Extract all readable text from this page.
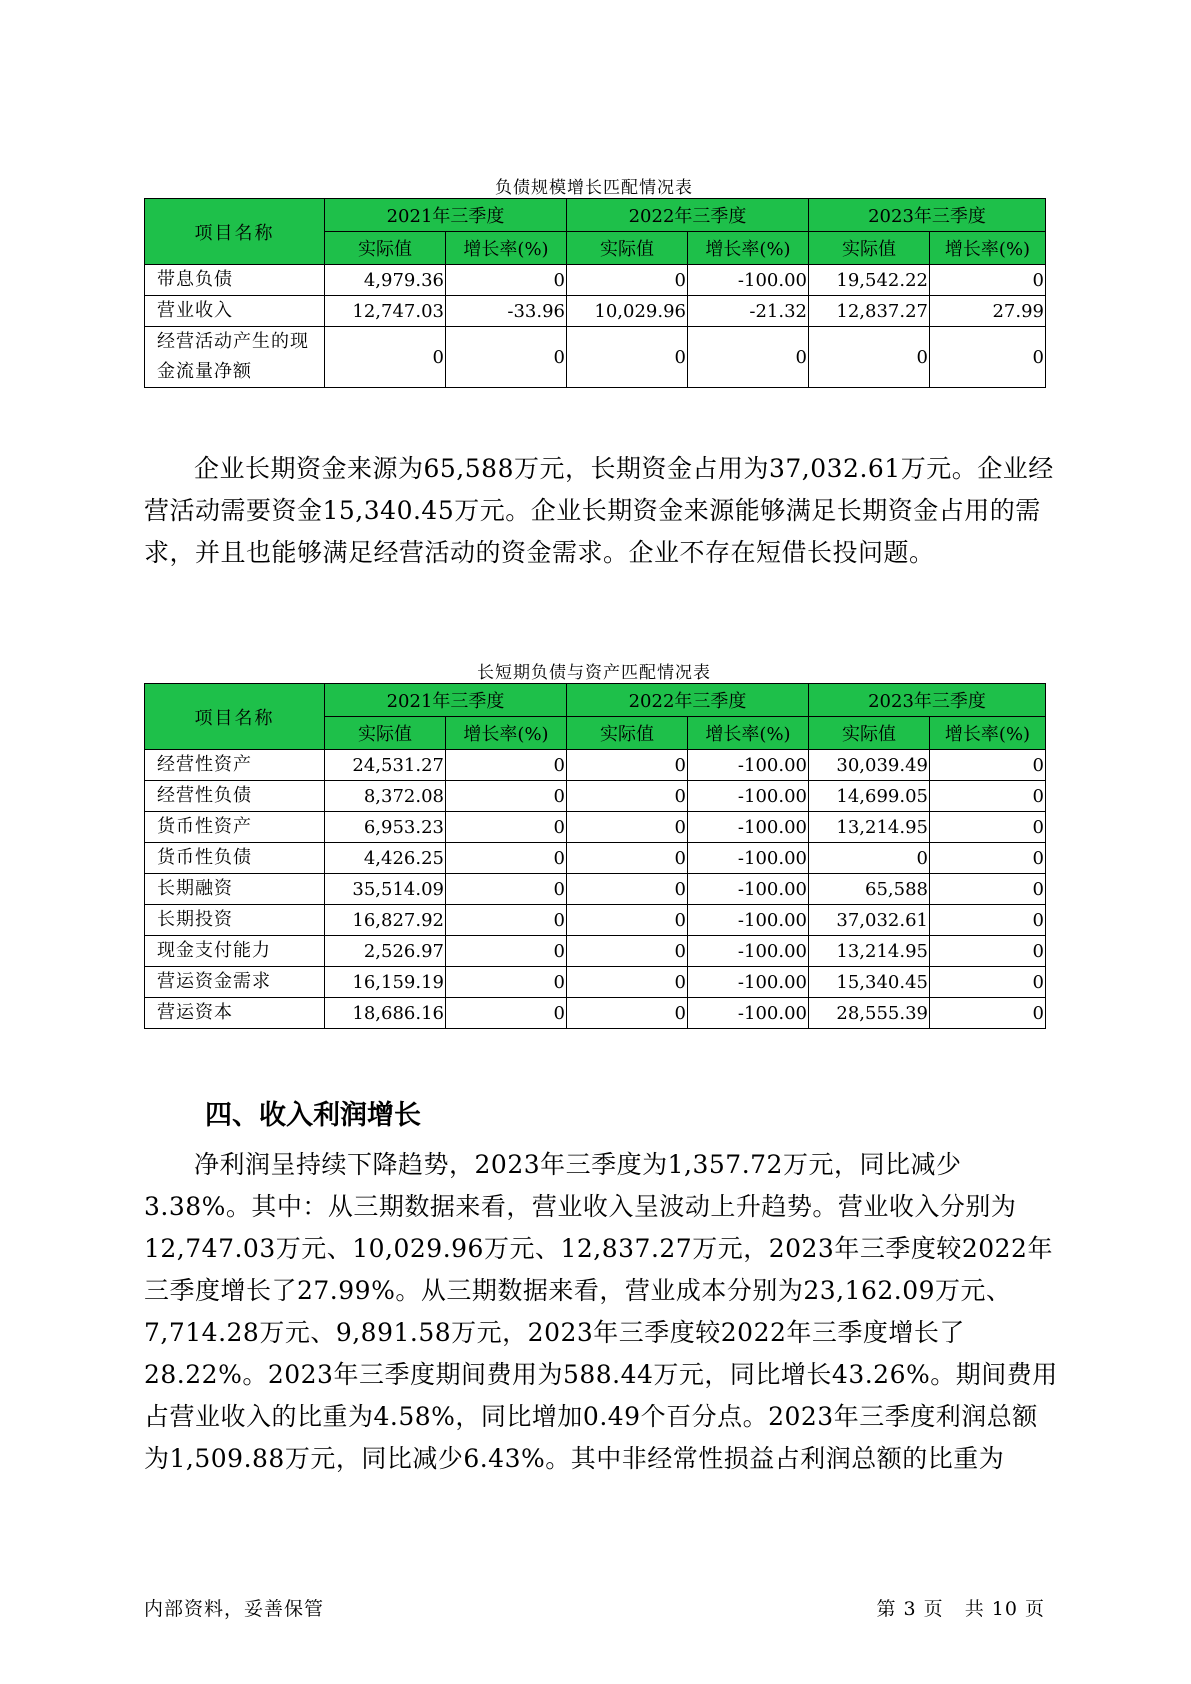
负债规模增长匹配情况表
项目名称	2021年三季度		2022年三季度		2023年三季度	
	实际值	增长率(%)	实际值	增长率(%)	实际值	增长率(%)
带息负债	4,979.36	0	0	-100.00	19,542.22	0
营业收入	12,747.03	-33.96	10,029.96	-21.32	12,837.27	27.99
经营活动产生的现金流量净额	0	0	0	0	0	0

企业长期资金来源为65,588万元，长期资金占用为37,032.61万元。企业经营活动需要资金15,340.45万元。企业长期资金来源能够满足长期资金占用的需求，并且也能够满足经营活动的资金需求。企业不存在短借长投问题。

长短期负债与资产匹配情况表
项目名称	2021年三季度		2022年三季度		2023年三季度	
	实际值	增长率(%)	实际值	增长率(%)	实际值	增长率(%)
经营性资产	24,531.27	0	0	-100.00	30,039.49	0
经营性负债	8,372.08	0	0	-100.00	14,699.05	0
货币性资产	6,953.23	0	0	-100.00	13,214.95	0
货币性负债	4,426.25	0	0	-100.00	0	0
长期融资	35,514.09	0	0	-100.00	65,588	0
长期投资	16,827.92	0	0	-100.00	37,032.61	0
现金支付能力	2,526.97	0	0	-100.00	13,214.95	0
营运资金需求	16,159.19	0	0	-100.00	15,340.45	0
营运资本	18,686.16	0	0	-100.00	28,555.39	0
四、收入利润增长

净利润呈持续下降趋势，2023年三季度为1,357.72万元，同比减少3.38%。其中：从三期数据来看，营业收入呈波动上升趋势。营业收入分别为12,747.03万元、10,029.96万元、12,837.27万元，2023年三季度较2022年三季度增长了27.99%。从三期数据来看，营业成本分别为23,162.09万元、7,714.28万元、9,891.58万元，2023年三季度较2022年三季度增长了28.22%。2023年三季度期间费用为588.44万元，同比增长43.26%。期间费用占营业收入的比重为4.58%，同比增加0.49个百分点。2023年三季度利润总额为1,509.88万元，同比减少6.43%。其中非经常性损益占利润总额的比重为

内部资料，妥善保管	第 3 页   共 10 页
